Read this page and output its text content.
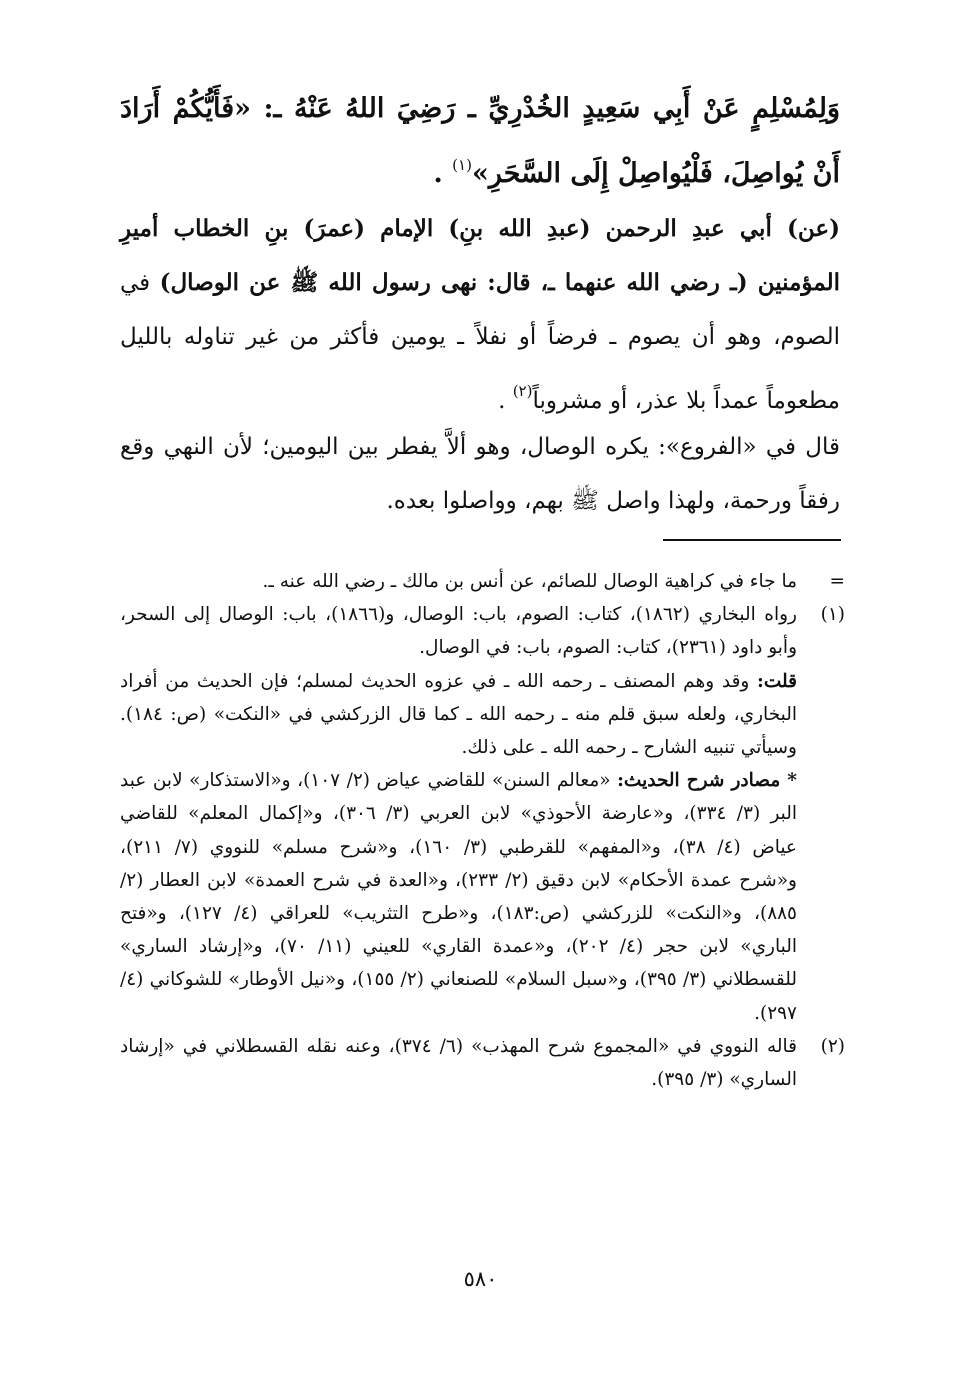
وَلِمُسْلِمٍ عَنْ أَبِي سَعِيدٍ الخُدْرِيِّ ـ رَضِيَ اللهُ عَنْهُ ـ: «فَأَيُّكُمْ أَرَادَ أَنْ يُواصِلَ، فَلْيُواصِلْ إِلَى السَّحَرِ»$^{(١)}$ .
(عن) أبي عبدِ الرحمن (عبدِ الله بنِ) الإمام (عمرَ) بنِ الخطاب أميرِ المؤمنين (ـ رضي الله عنهما ـ، قال: نهى رسول الله ﷺ عن الوصال) في الصوم، وهو أن يصوم ـ فرضاً أو نفلاً ـ يومين فأكثر من غير تناوله بالليل مطعوماً عمداً بلا عذر، أو مشروباً$^{(٢)}$ .
قال في «الفروع»: يكره الوصال، وهو ألاَّ يفطر بين اليومين؛ لأن النهي وقع رفقاً ورحمة، ولهذا واصل ﷺ بهم، وواصلوا بعده.
=
ما جاء في كراهية الوصال للصائم، عن أنس بن مالك ـ رضي الله عنه ـ.
(١)
رواه البخاري (١٨٦٢)، كتاب: الصوم، باب: الوصال، و(١٨٦٦)، باب: الوصال إلى السحر، وأبو داود (٢٣٦١)، كتاب: الصوم، باب: في الوصال.
قلت: وقد وهم المصنف ـ رحمه الله ـ في عزوه الحديث لمسلم؛ فإن الحديث من أفراد البخاري، ولعله سبق قلم منه ـ رحمه الله ـ كما قال الزركشي في «النكت» (ص: ١٨٤). وسيأتي تنبيه الشارح ـ رحمه الله ـ على ذلك.
* مصادر شرح الحديث: «معالم السنن» للقاضي عياض (٢/ ١٠٧)، و«الاستذكار» لابن عبد البر (٣/ ٣٣٤)، و«عارضة الأحوذي» لابن العربي (٣/ ٣٠٦)، و«إكمال المعلم» للقاضي عياض (٤/ ٣٨)، و«المفهم» للقرطبي (٣/ ١٦٠)، و«شرح مسلم» للنووي (٧/ ٢١١)، و«شرح عمدة الأحكام» لابن دقيق (٢/ ٢٣٣)، و«العدة في شرح العمدة» لابن العطار (٢/ ٨٨٥)، و«النكت» للزركشي (ص:١٨٣)، و«طرح التثريب» للعراقي (٤/ ١٢٧)، و«فتح الباري» لابن حجر (٤/ ٢٠٢)، و«عمدة القاري» للعيني (١١/ ٧٠)، و«إرشاد الساري» للقسطلاني (٣/ ٣٩٥)، و«سبل السلام» للصنعاني (٢/ ١٥٥)، و«نيل الأوطار» للشوكاني (٤/ ٢٩٧).
(٢)
قاله النووي في «المجموع شرح المهذب» (٦/ ٣٧٤)، وعنه نقله القسطلاني في «إرشاد الساري» (٣/ ٣٩٥).
٥٨٠
